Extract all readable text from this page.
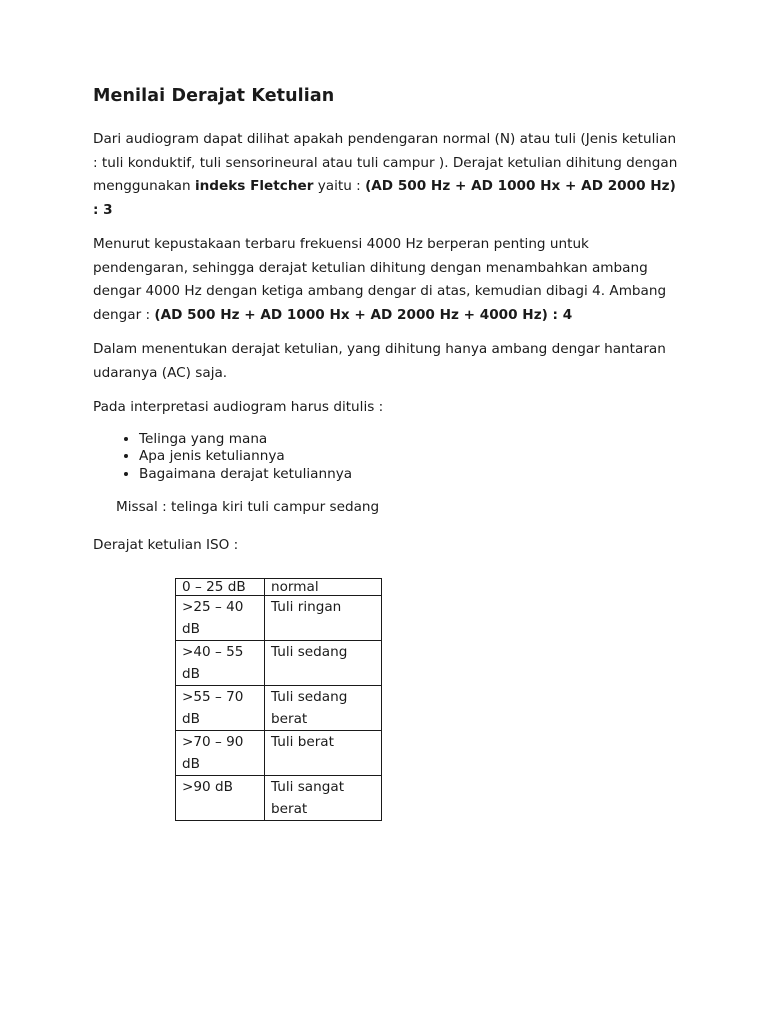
Menilai Derajat Ketulian

Dari audiogram dapat dilihat apakah pendengaran normal (N) atau tuli (Jenis ketulian : tuli konduktif, tuli sensorineural atau tuli campur ). Derajat ketulian dihitung dengan menggunakan indeks Fletcher yaitu : (AD 500 Hz + AD 1000 Hx + AD 2000 Hz) : 3

Menurut kepustakaan terbaru frekuensi 4000 Hz berperan penting untuk pendengaran, sehingga derajat ketulian dihitung dengan menambahkan ambang dengar 4000 Hz dengan ketiga ambang dengar di atas, kemudian dibagi 4. Ambang dengar : (AD 500 Hz + AD 1000 Hx + AD 2000 Hz + 4000 Hz) : 4

Dalam menentukan derajat ketulian, yang dihitung hanya ambang dengar hantaran udaranya (AC) saja.

Pada interpretasi audiogram harus ditulis :

• Telinga yang mana
• Apa jenis ketuliannya
• Bagaimana derajat ketuliannya

Missal : telinga kiri tuli campur sedang

Derajat ketulian ISO :

0 – 25 dB	normal
>25 – 40 dB	Tuli ringan
>40 – 55 dB	Tuli sedang
>55 – 70 dB	Tuli sedang berat
>70 – 90 dB	Tuli berat
>90 dB	Tuli sangat berat
